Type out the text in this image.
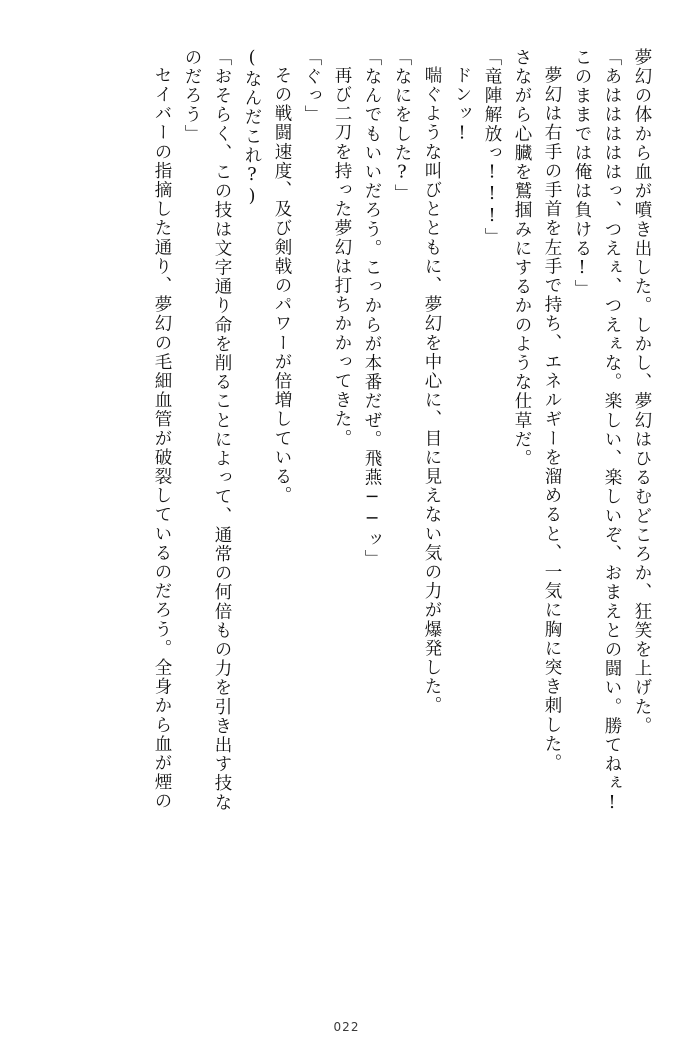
夢幻の体から血が噴き出した。しかし、夢幻はひるむどころか、狂笑を上げた。
「あはははははっ、つえぇ、つえぇな。楽しい、楽しいぞ、おまえとの闘い。勝てねぇ!
このままでは俺は負ける!」
夢幻は右手の手首を左手で持ち、エネルギーを溜めると、一気に胸に突き刺した。
さながら心臓を鷲掴みにするかのような仕草だ。
「竜陣解放っ!!!」
ドンッ!
喘ぐような叫びとともに、夢幻を中心に、目に見えない気の力が爆発した。
「なにをした?」
「なんでもいいだろう。こっからが本番だぜ。飛燕──ッ」
再び二刀を持った夢幻は打ちかかってきた。
「ぐっ」
その戦闘速度、及び剣戟のパワーが倍増している。
(なんだこれ?)
「おそらく、この技は文字通り命を削ることによって、通常の何倍もの力を引き出す技な
のだろう」
セイバーの指摘した通り、夢幻の毛細血管が破裂しているのだろう。全身から血が煙の
022
